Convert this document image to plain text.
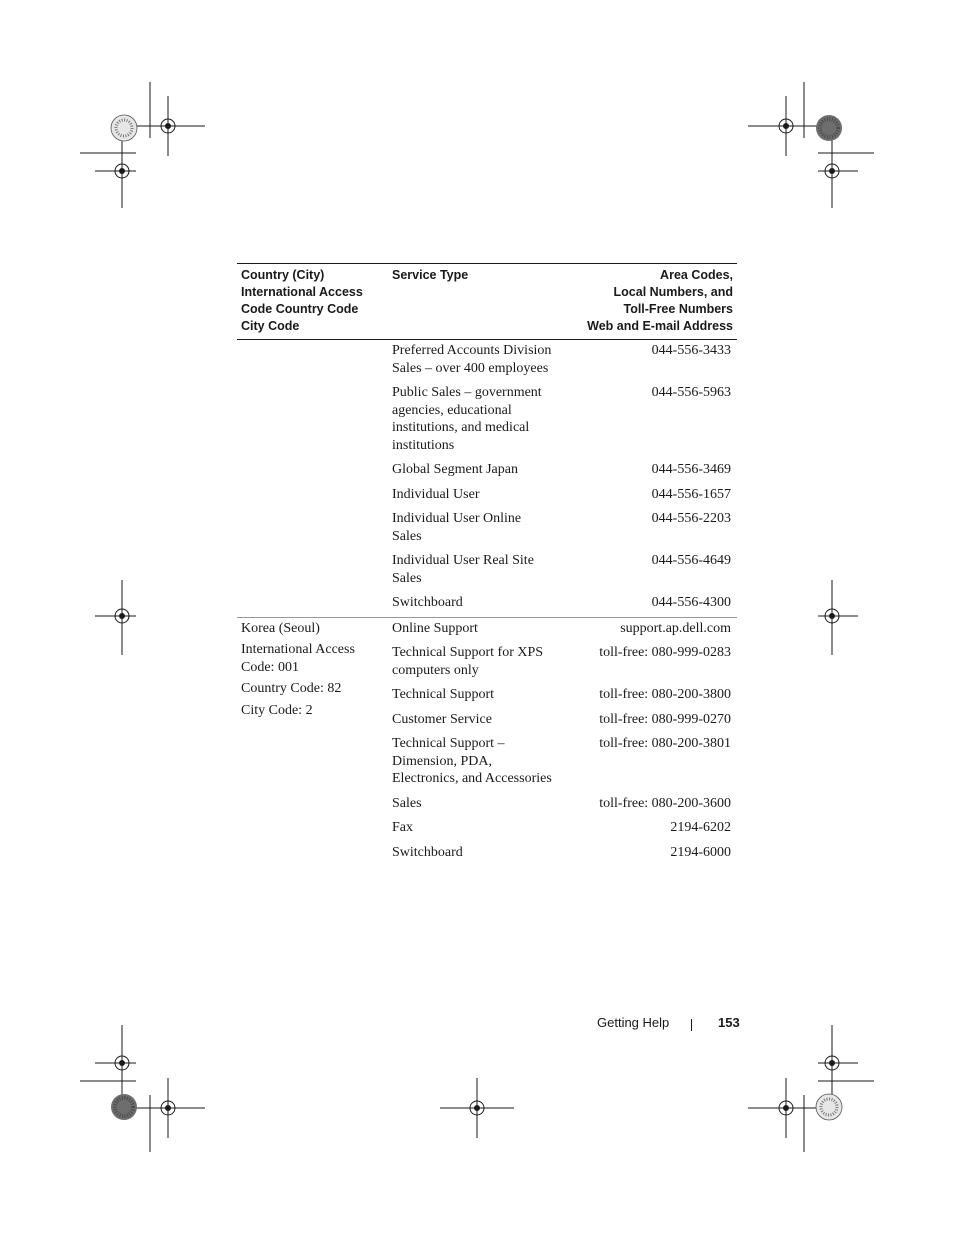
Country (City)
International Access
Code Country Code
City Code	Service Type	Area Codes,
Local Numbers, and
Toll-Free Numbers
Web and E-mail Address
	Preferred Accounts Division Sales – over 400 employees	044-556-3433
	Public Sales – government agencies, educational institutions, and medical institutions	044-556-5963
	Global Segment Japan	044-556-3469
	Individual User	044-556-1657
	Individual User Online Sales	044-556-2203
	Individual User Real Site Sales	044-556-4649
	Switchboard	044-556-4300

Korea (Seoul)
International Access Code: 001
Country Code: 82
City Code: 2	Online Support	support.ap.dell.com
	Technical Support for XPS computers only	toll-free: 080-999-0283
	Technical Support	toll-free: 080-200-3800
	Customer Service	toll-free: 080-999-0270
	Technical Support – Dimension, PDA, Electronics, and Accessories	toll-free: 080-200-3801
	Sales	toll-free: 080-200-3600
	Fax	2194-6202
	Switchboard	2194-6000
Getting Help	153
